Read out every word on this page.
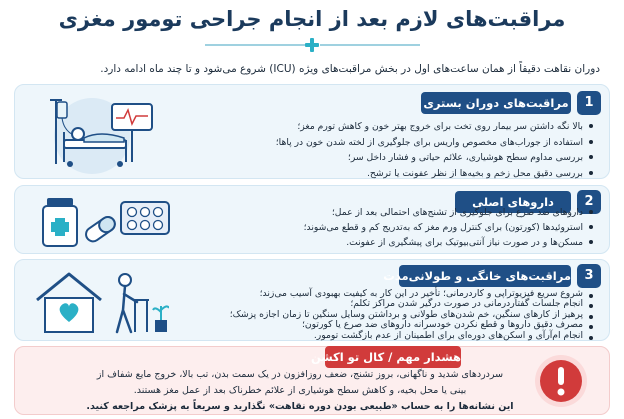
مراقبت‌های لازم بعد از انجام جراحی تومور مغزی
دوران نقاهت دقیقاً از همان ساعت‌های اول در بخش مراقبت‌های ویژه (ICU) شروع می‌شود و تا چند ماه ادامه دارد.
1
مراقبت‌های دوران بستری
بالا نگه داشتن سر بیمار روی تخت برای خروج بهتر خون و کاهش تورم مغز؛
استفاده از جوراب‌های مخصوص واریس برای جلوگیری از لخته شدن خون در پاها؛
بررسی مداوم سطح هوشیاری، علائم حیاتی و فشار داخل سر؛
بررسی دقیق محل زخم و بخیه‌ها از نظر عفونت یا ترشح.
2
داروهای اصلی
داروهای ضد صرع برای جلوگیری از تشنج‌های احتمالی بعد از عمل؛
استروئیدها (کورتون) برای کنترل ورم مغز که به‌تدریج کم و قطع می‌شوند؛
مسکن‌ها و در صورت نیاز آنتی‌بیوتیک برای پیشگیری از عفونت.
3
مراقبت‌های خانگی و طولانی‌مدت
شروع سریع فیزیوتراپی و کاردرمانی؛ تأخیر در این کار به کیفیت بهبودی آسیب می‌زند؛
انجام جلسات گفتاردرمانی در صورت درگیر شدن مراکز تکلم؛
پرهیز از کارهای سنگین، خم شدن‌های طولانی و برداشتن وسایل سنگین تا زمان اجازه پزشک؛
مصرف دقیق داروها و قطع نکردن خودسرانه داروهای ضد صرع یا کورتون؛
انجام ام‌آر‌آی و اسکن‌های دوره‌ای برای اطمینان از عدم بازگشت تومور.
هشدار مهم / کال تو اکشن
سردردهای شدید و ناگهانی، بروز تشنج، ضعف روزافزون در یک سمت بدن، تب بالا، خروج مایع شفاف از
بینی یا محل بخیه، و کاهش سطح هوشیاری از علائم خطرناک بعد از عمل مغز هستند.
این نشانه‌ها را به حساب «طبیعی بودن دوره نقاهت» نگذارید و سریعاً به پزشک مراجعه کنید.
